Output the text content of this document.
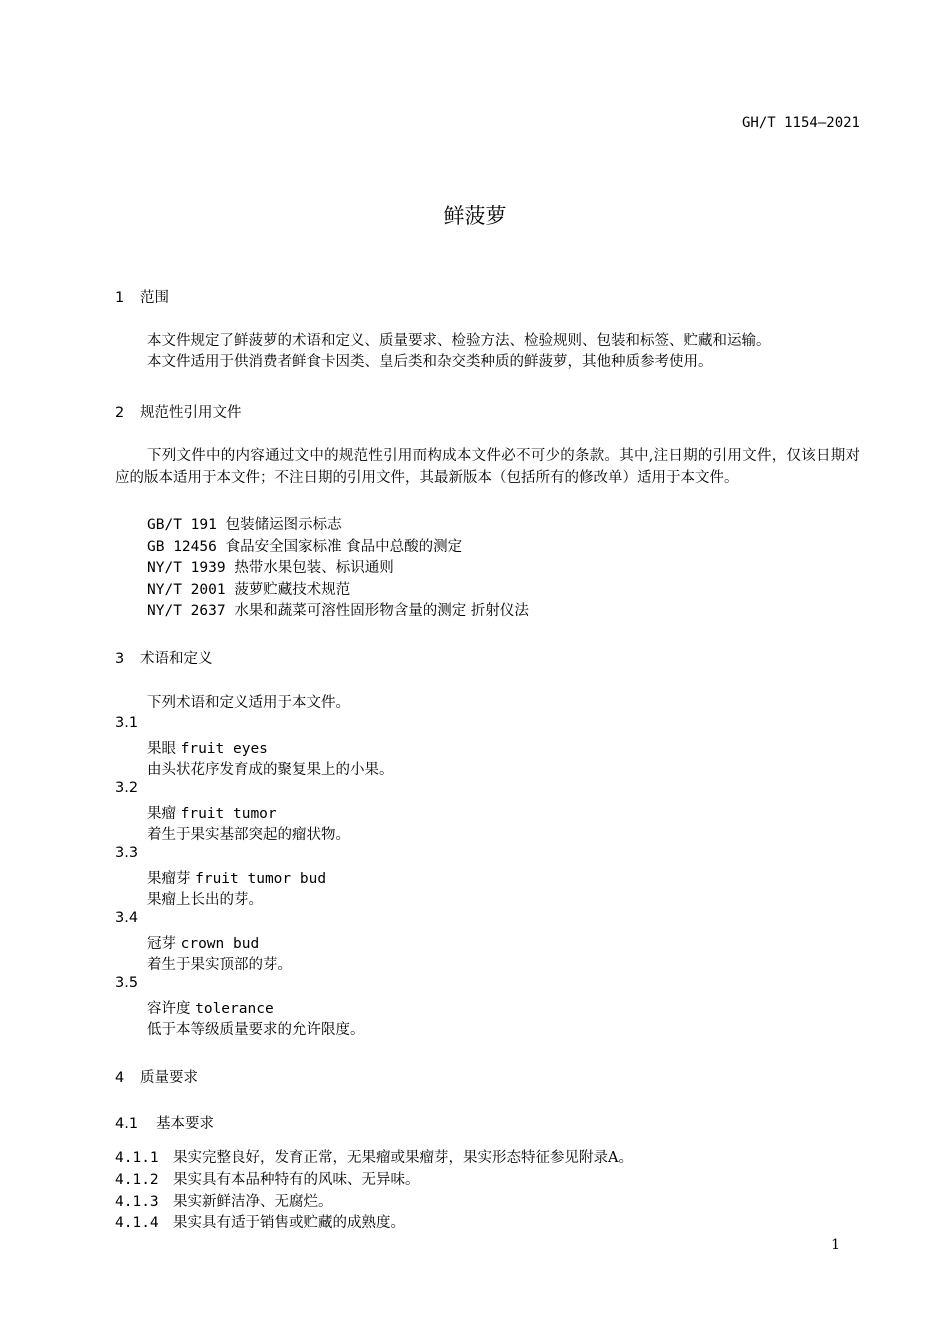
GH/T 1154—2021
鲜菠萝
1 范围
本文件规定了鲜菠萝的术语和定义、质量要求、检验方法、检验规则、包装和标签、贮藏和运输。
本文件适用于供消费者鲜食卡因类、皇后类和杂交类种质的鲜菠萝，其他种质参考使用。
2 规范性引用文件
下列文件中的内容通过文中的规范性引用而构成本文件必不可少的条款。其中,注日期的引用文件，仅该日期对应的版本适用于本文件；不注日期的引用文件，其最新版本（包括所有的修改单）适用于本文件。
GB/T 191 包装储运图示标志
GB 12456 食品安全国家标准 食品中总酸的测定
NY/T 1939 热带水果包装、标识通则
NY/T 2001 菠萝贮藏技术规范
NY/T 2637 水果和蔬菜可溶性固形物含量的测定 折射仪法
3 术语和定义
下列术语和定义适用于本文件。
3.1
果眼 fruit eyes
由头状花序发育成的聚复果上的小果。
3.2
果瘤 fruit tumor
着生于果实基部突起的瘤状物。
3.3
果瘤芽 fruit tumor bud
果瘤上长出的芽。
3.4
冠芽 crown bud
着生于果实顶部的芽。
3.5
容许度 tolerance
低于本等级质量要求的允许限度。
4 质量要求
4.1 基本要求
4.1.1 果实完整良好，发育正常，无果瘤或果瘤芽，果实形态特征参见附录A。
4.1.2 果实具有本品种特有的风味、无异味。
4.1.3 果实新鲜洁净、无腐烂。
4.1.4 果实具有适于销售或贮藏的成熟度。
1
